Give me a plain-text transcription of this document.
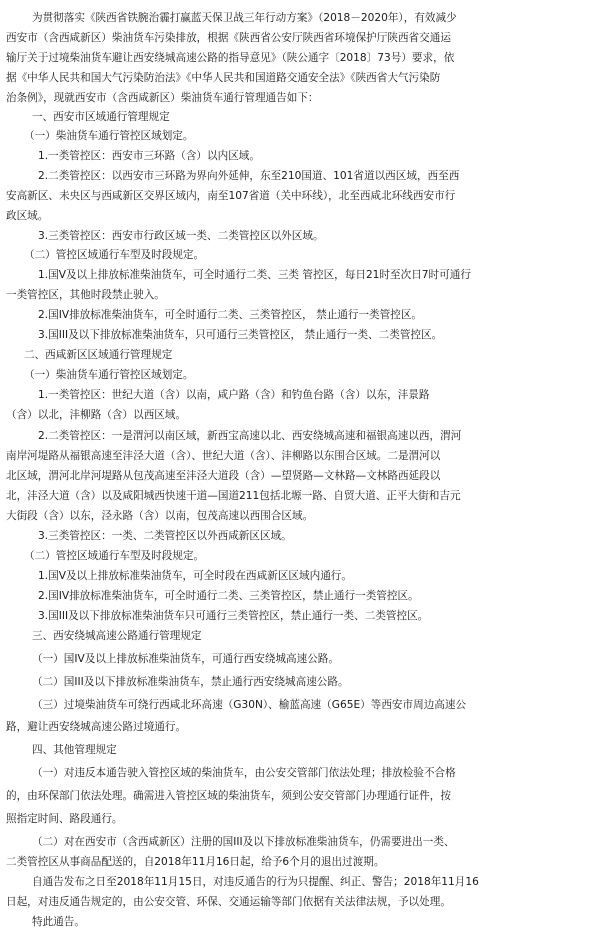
为贯彻落实《陕西省铁腕治霾打赢蓝天保卫战三年行动方案》（2018－2020年），有效减少

西安市（含西咸新区）柴油货车污染排放，根据《陕西省公安厅陕西省环境保护厅陕西省交通运

输厅关于过境柴油货车避让西安绕城高速公路的指导意见》（陕公通字〔2018〕73号）要求，依

据《中华人民共和国大气污染防治法》《中华人民共和国道路交通安全法》《陕西省大气污染防

治条例》，现就西安市（含西咸新区）柴油货车通行管理通告如下：

一、西安市区域通行管理规定

（一）柴油货车通行管控区域划定。

1.一类管控区：西安市三环路（含）以内区域。

2.二类管控区：以西安市三环路为界向外延伸，东至210国道、101省道以西区域，西至西

安高新区、未央区与西咸新区交界区域内，南至107省道（关中环线），北至西咸北环线西安市行

政区域。

3.三类管控区：西安市行政区域一类、二类管控区以外区域。

（二）管控区域通行车型及时段规定。

1.国V及以上排放标准柴油货车，可全时通行二类、三类 管控区，每日21时至次日7时可通行

一类管控区，其他时段禁止驶入。

2.国IV排放标准柴油货车，可全时通行二类、三类管控区， 禁止通行一类管控区。

3.国III及以下排放标准柴油货车，只可通行三类管控区， 禁止通行一类、二类管控区。

二、西咸新区区域通行管理规定

（一）柴油货车通行管控区域划定。

1.一类管控区：世纪大道（含）以南，咸户路（含）和钓鱼台路（含）以东，沣景路

（含）以北，沣柳路（含）以西区域。

2.二类管控区：一是渭河以南区域，新西宝高速以北、西安绕城高速和福银高速以西，渭河

南岸河堤路从福银高速至沣泾大道（含）、世纪大道（含）、沣柳路以东围合区域。二是渭河以

北区域，渭河北岸河堤路从包茂高速至沣泾大道段（含）—望贤路—文林路—文林路西延段以

北，沣泾大道（含）以及咸阳城西快速干道—国道211包括北塬一路、自贸大道、正平大街和吉元

大街段（含）以东，泾永路（含）以南，包茂高速以西围合区域。

3.三类管控区：一类、二类管控区以外西咸新区区域。

（二）管控区域通行车型及时段规定。

1.国V及以上排放标准柴油货车，可全时段在西咸新区区域内通行。

2.国IV排放标准柴油货车，可全时通行二类、三类管控区，禁止通行一类管控区。

3.国III及以下排放标准柴油货车只可通行三类管控区，禁止通行一类、二类管控区。

三、西安绕城高速公路通行管理规定

（一）国IV及以上排放标准柴油货车，可通行西安绕城高速公路。

（二）国III及以下排放标准柴油货车，禁止通行西安绕城高速公路。

（三）过境柴油货车可绕行西咸北环高速（G30N）、榆蓝高速（G65E）等西安市周边高速公

路，避让西安绕城高速公路过境通行。

四、其他管理规定

（一）对违反本通告驶入管控区域的柴油货车，由公安交管部门依法处理；排放检验不合格

的，由环保部门依法处理。确需进入管控区域的柴油货车，须到公安交管部门办理通行证件，按

照指定时间、路段通行。

（二）对在西安市（含西咸新区）注册的国III及以下排放标准柴油货车，仍需要进出一类、

二类管控区从事商品配送的，自2018年11月16日起，给予6个月的退出过渡期。

自通告发布之日至2018年11月15日，对违反通告的行为只提醒、纠正、警告；2018年11月16

日起，对违反通告规定的，由公安交管、环保、交通运输等部门依据有关法律法规，予以处理。

特此通告。
